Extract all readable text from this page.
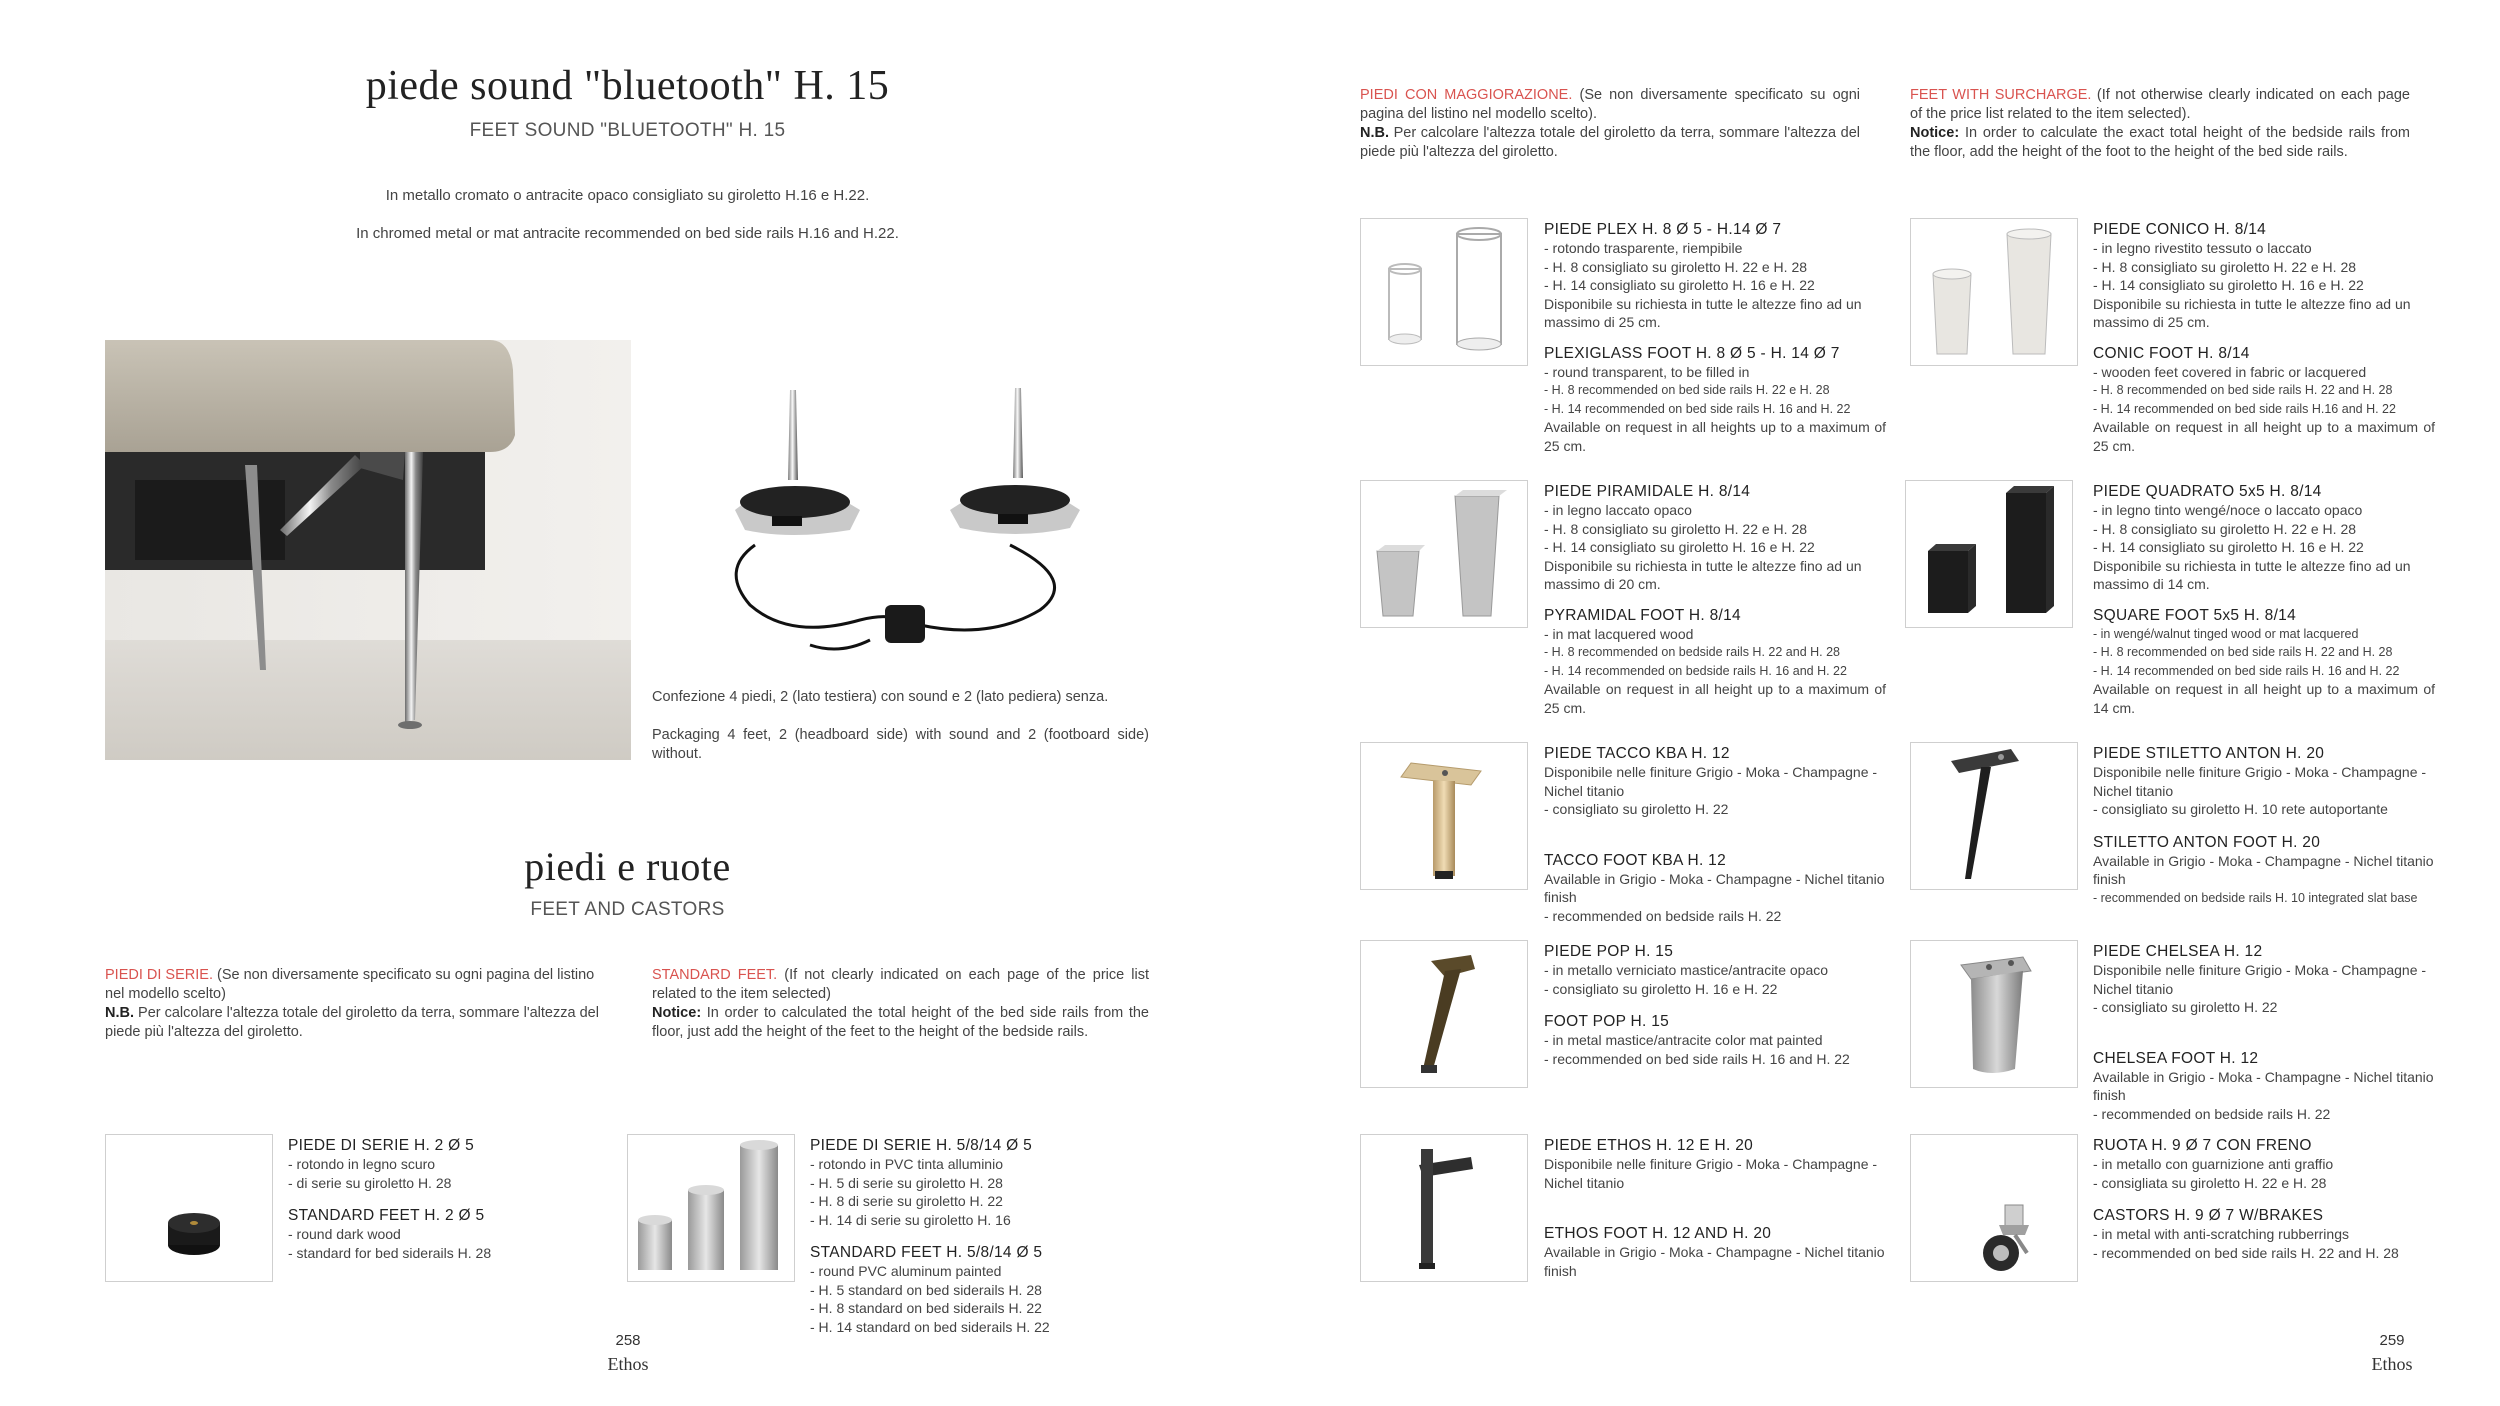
piede sound "bluetooth" H. 15
FEET SOUND "BLUETOOTH" H. 15
In metallo cromato o antracite opaco consigliato su giroletto H.16 e H.22.
In chromed metal or mat antracite recommended on bed side rails H.16 and H.22.
Confezione 4 piedi, 2 (lato testiera) con sound e 2 (lato pediera) senza.
Packaging 4 feet, 2 (headboard side) with sound and 2 (footboard side) without.
piedi e ruote
FEET AND CASTORS
PIEDI DI SERIE. (Se non diversamente specificato su ogni pagina del listino nel modello scelto)
N.B. Per calcolare l'altezza totale del giroletto da terra, sommare l'altezza del piede più l'altezza del giroletto.
STANDARD FEET. (If not clearly indicated on each page of the price list related to the item selected)
Notice: In order to calculated the total height of the bed side rails from the floor, just add the height of the feet to the height of the bedside rails.
PIEDE DI SERIE H. 2 Ø 5
- rotondo in legno scuro
- di serie su giroletto H. 28
STANDARD FEET H. 2 Ø 5
- round dark wood
- standard for bed siderails H. 28
PIEDE DI SERIE H. 5/8/14 Ø 5
- rotondo in PVC tinta alluminio
- H. 5 di serie su giroletto H. 28
- H. 8 di serie su giroletto H. 22
- H. 14 di serie su giroletto H. 16
STANDARD FEET H. 5/8/14 Ø 5
- round PVC aluminum painted
- H. 5 standard on bed siderails H. 28
- H. 8 standard on bed siderails H. 22
- H. 14 standard on bed siderails H. 22
258
Ethos
PIEDI CON MAGGIORAZIONE. (Se non diversamente specificato su ogni pagina del listino nel modello scelto).
N.B. Per calcolare l'altezza totale del giroletto da terra, sommare l'altezza del piede più l'altezza del giroletto.
FEET WITH SURCHARGE. (If not otherwise clearly indicated on each page of the price list related to the item selected).
Notice: In order to calculate the exact total height of the bedside rails from the floor, add the height of the foot to the height of the bed side rails.
PIEDE PLEX H. 8 Ø 5 - H.14 Ø 7
- rotondo trasparente, riempibile
- H. 8 consigliato su giroletto H. 22 e H. 28
- H. 14 consigliato su giroletto H. 16 e H. 22
Disponibile su richiesta in tutte le altezze fino ad un massimo di 25 cm.
PLEXIGLASS FOOT H. 8 Ø 5 - H. 14 Ø 7
- round transparent, to be filled in
- H. 8 recommended on bed side rails H. 22 e H. 28
- H. 14 recommended on bed side rails H. 16 and H. 22
Available on request in all heights up to a maximum of 25 cm.
PIEDE CONICO H. 8/14
- in legno rivestito tessuto o laccato
- H. 8 consigliato su giroletto H. 22 e H. 28
- H. 14 consigliato su giroletto H. 16 e H. 22
Disponibile su richiesta in tutte le altezze fino ad un massimo di 25 cm.
CONIC FOOT H. 8/14
- wooden feet covered in fabric or lacquered
- H. 8 recommended on bed side rails H. 22 and H. 28
- H. 14 recommended on bed side rails H.16 and H. 22
Available on request in all height up to a maximum of 25 cm.
PIEDE PIRAMIDALE H. 8/14
- in legno laccato opaco
- H. 8 consigliato su giroletto H. 22 e H. 28
- H. 14 consigliato su giroletto H. 16 e H. 22
Disponibile su richiesta in tutte le altezze fino ad un massimo di 20 cm.
PYRAMIDAL FOOT H. 8/14
- in mat lacquered wood
- H. 8 recommended on bedside rails H. 22 and H. 28
- H. 14 recommended on bedside rails H. 16 and H. 22
Available on request in all height up to a maximum of 25 cm.
PIEDE QUADRATO 5x5 H. 8/14
- in legno tinto wengé/noce o laccato opaco
- H. 8 consigliato su giroletto H. 22 e H. 28
- H. 14 consigliato su giroletto H. 16 e H. 22
Disponibile su richiesta in tutte le altezze fino ad un massimo di 14 cm.
SQUARE FOOT 5x5 H. 8/14
- in wengé/walnut tinged wood or mat lacquered
- H. 8 recommended on bed side rails H. 22 and H. 28
- H. 14 recommended on bed side rails H. 16 and H. 22
Available on request in all height up to a maximum of 14 cm.
PIEDE TACCO KBA H. 12
Disponibile nelle finiture Grigio - Moka - Champagne - Nichel titanio
- consigliato su giroletto H. 22
TACCO FOOT KBA H. 12
Available in Grigio - Moka - Champagne - Nichel titanio finish
- recommended on bedside rails H. 22
PIEDE STILETTO ANTON H. 20
Disponibile nelle finiture Grigio - Moka - Champagne - Nichel titanio
- consigliato su giroletto H. 10 rete autoportante
STILETTO ANTON FOOT H. 20
Available in Grigio - Moka - Champagne - Nichel titanio finish
- recommended on bedside rails H. 10 integrated slat base
PIEDE POP H. 15
- in metallo verniciato mastice/antracite opaco
- consigliato su giroletto H. 16 e H. 22
FOOT POP H. 15
- in metal mastice/antracite color mat painted
- recommended on bed side rails H. 16 and H. 22
PIEDE CHELSEA H. 12
Disponibile nelle finiture Grigio - Moka - Champagne - Nichel titanio
- consigliato su giroletto H. 22
CHELSEA FOOT H. 12
Available in Grigio - Moka - Champagne - Nichel titanio finish
- recommended on bedside rails H. 22
PIEDE ETHOS H. 12 E H. 20
Disponibile nelle finiture Grigio - Moka - Champagne - Nichel titanio
ETHOS FOOT H. 12 AND H. 20
Available in Grigio - Moka - Champagne - Nichel titanio finish
RUOTA H. 9 Ø 7 CON FRENO
- in metallo con guarnizione anti graffio
- consigliata su giroletto H. 22 e H. 28
CASTORS H. 9 Ø 7 W/BRAKES
- in metal with anti-scratching rubberrings
- recommended on bed side rails H. 22 and H. 28
259
Ethos
